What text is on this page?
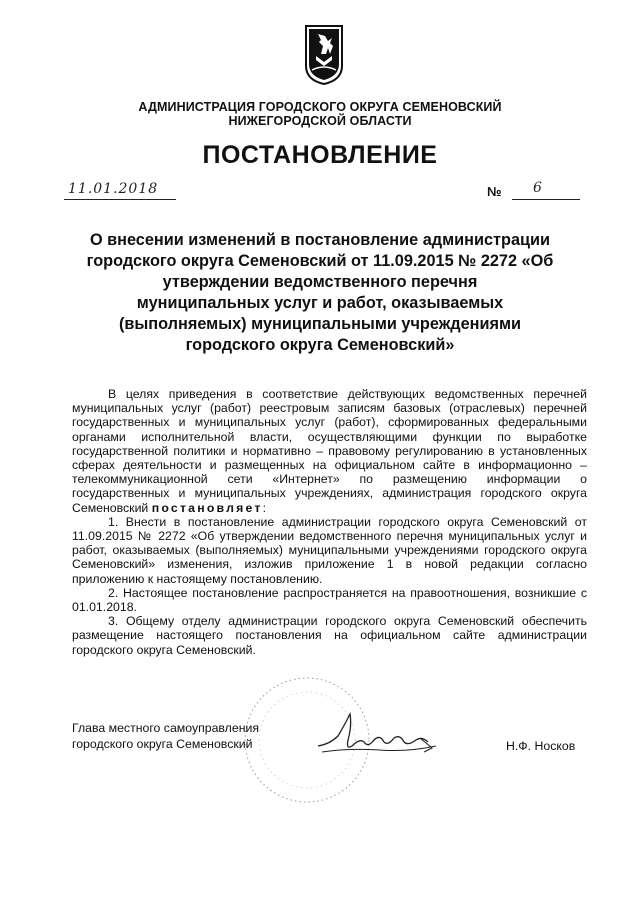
АДМИНИСТРАЦИЯ ГОРОДСКОГО ОКРУГА СЕМЕНОВСКИЙ
НИЖЕГОРОДСКОЙ ОБЛАСТИ
ПОСТАНОВЛЕНИЕ
11.01.2018	№ 6
О внесении изменений в постановление администрации
городского округа Семеновский от 11.09.2015 № 2272 «Об
утверждении ведомственного перечня
муниципальных услуг и работ, оказываемых
(выполняемых) муниципальными учреждениями
городского округа Семеновский»

В целях приведения в соответствие действующих ведомственных перечней муниципальных услуг (работ) реестровым записям базовых (отраслевых) перечней государственных и муниципальных услуг (работ), сформированных федеральными органами исполнительной власти, осуществляющими функции по выработке государственной политики и нормативно – правовому регулированию в установленных сферах деятельности и размещенных на официальном сайте в информационно – телекоммуникационной сети «Интернет» по размещению информации о государственных и муниципальных учреждениях, администрация городского округа Семеновский постановляет:

1. Внести в постановление администрации городского округа Семеновский от 11.09.2015 № 2272 «Об утверждении ведомственного перечня муниципальных услуг и работ, оказываемых (выполняемых) муниципальными учреждениями городского округа Семеновский» изменения, изложив приложение 1 в новой редакции согласно приложению к настоящему постановлению.

2. Настоящее постановление распространяется на правоотношения, возникшие с 01.01.2018.

3. Общему отделу администрации городского округа Семеновский обеспечить размещение настоящего постановления на официальном сайте администрации городского округа Семеновский.

Глава местного самоуправления
городского округа Семеновский	Н.Ф. Носков
